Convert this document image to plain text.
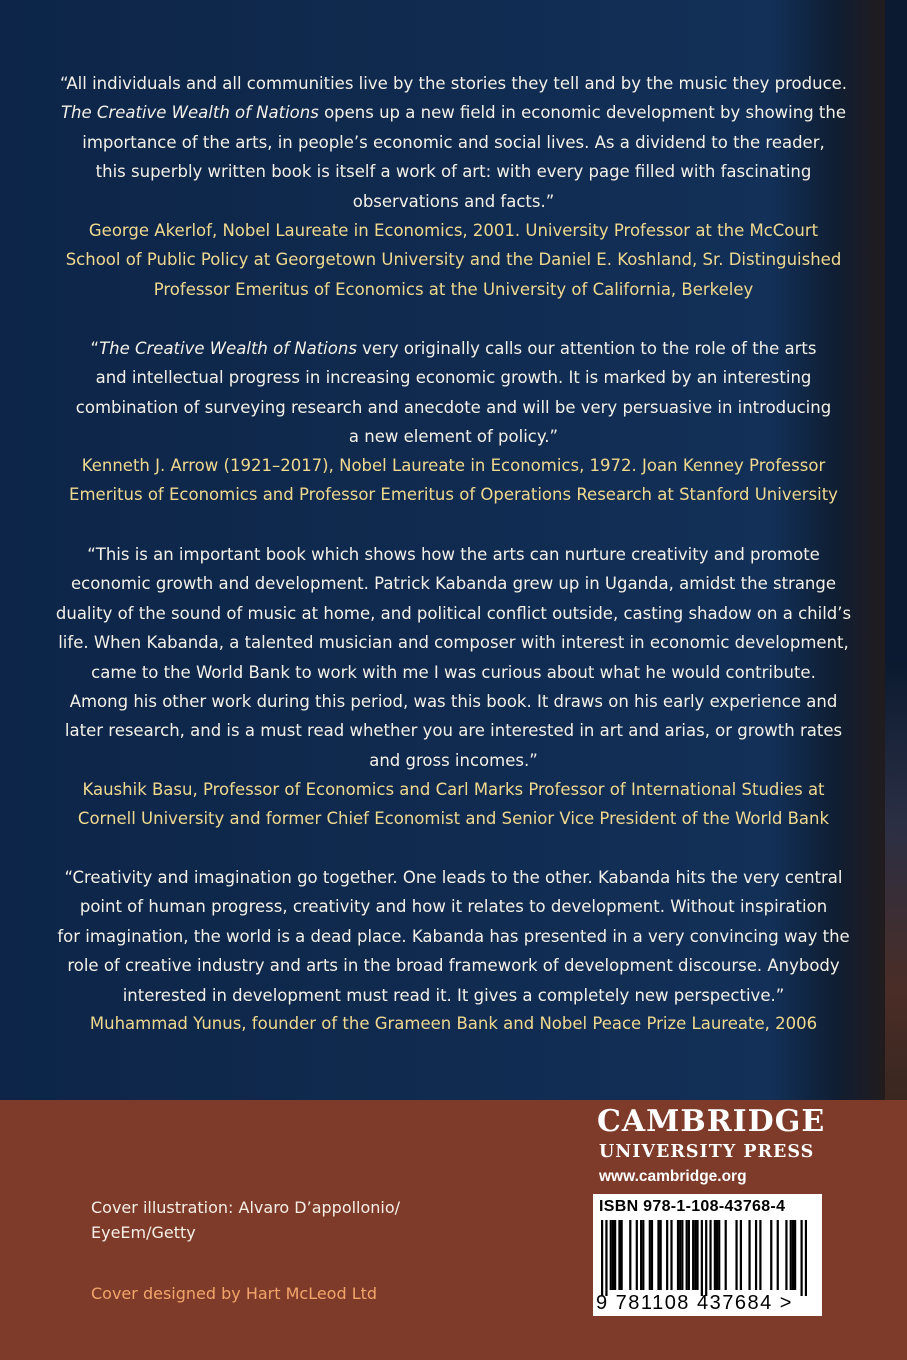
“All individuals and all communities live by the stories they tell and by the music they produce.
The Creative Wealth of Nations opens up a new field in economic development by showing the
importance of the arts, in people’s economic and social lives. As a dividend to the reader,
this superbly written book is itself a work of art: with every page filled with fascinating
observations and facts.”
George Akerlof, Nobel Laureate in Economics, 2001. University Professor at the McCourt
School of Public Policy at Georgetown University and the Daniel E. Koshland, Sr. Distinguished
Professor Emeritus of Economics at the University of California, Berkeley
“The Creative Wealth of Nations very originally calls our attention to the role of the arts
and intellectual progress in increasing economic growth. It is marked by an interesting
combination of surveying research and anecdote and will be very persuasive in introducing
a new element of policy.”
Kenneth J. Arrow (1921–2017), Nobel Laureate in Economics, 1972. Joan Kenney Professor
Emeritus of Economics and Professor Emeritus of Operations Research at Stanford University
“This is an important book which shows how the arts can nurture creativity and promote
economic growth and development. Patrick Kabanda grew up in Uganda, amidst the strange
duality of the sound of music at home, and political conflict outside, casting shadow on a child’s
life. When Kabanda, a talented musician and composer with interest in economic development,
came to the World Bank to work with me I was curious about what he would contribute.
Among his other work during this period, was this book. It draws on his early experience and
later research, and is a must read whether you are interested in art and arias, or growth rates
and gross incomes.”
Kaushik Basu, Professor of Economics and Carl Marks Professor of International Studies at
Cornell University and former Chief Economist and Senior Vice President of the World Bank
“Creativity and imagination go together. One leads to the other. Kabanda hits the very central
point of human progress, creativity and how it relates to development. Without inspiration
for imagination, the world is a dead place. Kabanda has presented in a very convincing way the
role of creative industry and arts in the broad framework of development discourse. Anybody
interested in development must read it. It gives a completely new perspective.”
Muhammad Yunus, founder of the Grameen Bank and Nobel Peace Prize Laureate, 2006
Cover illustration: Alvaro D’appollonio/
EyeEm/Getty
Cover designed by Hart McLeod Ltd
CAMBRIDGE
UNIVERSITY PRESS
www.cambridge.org
ISBN 978-1-108-43768-4
9 781108 437684 >
